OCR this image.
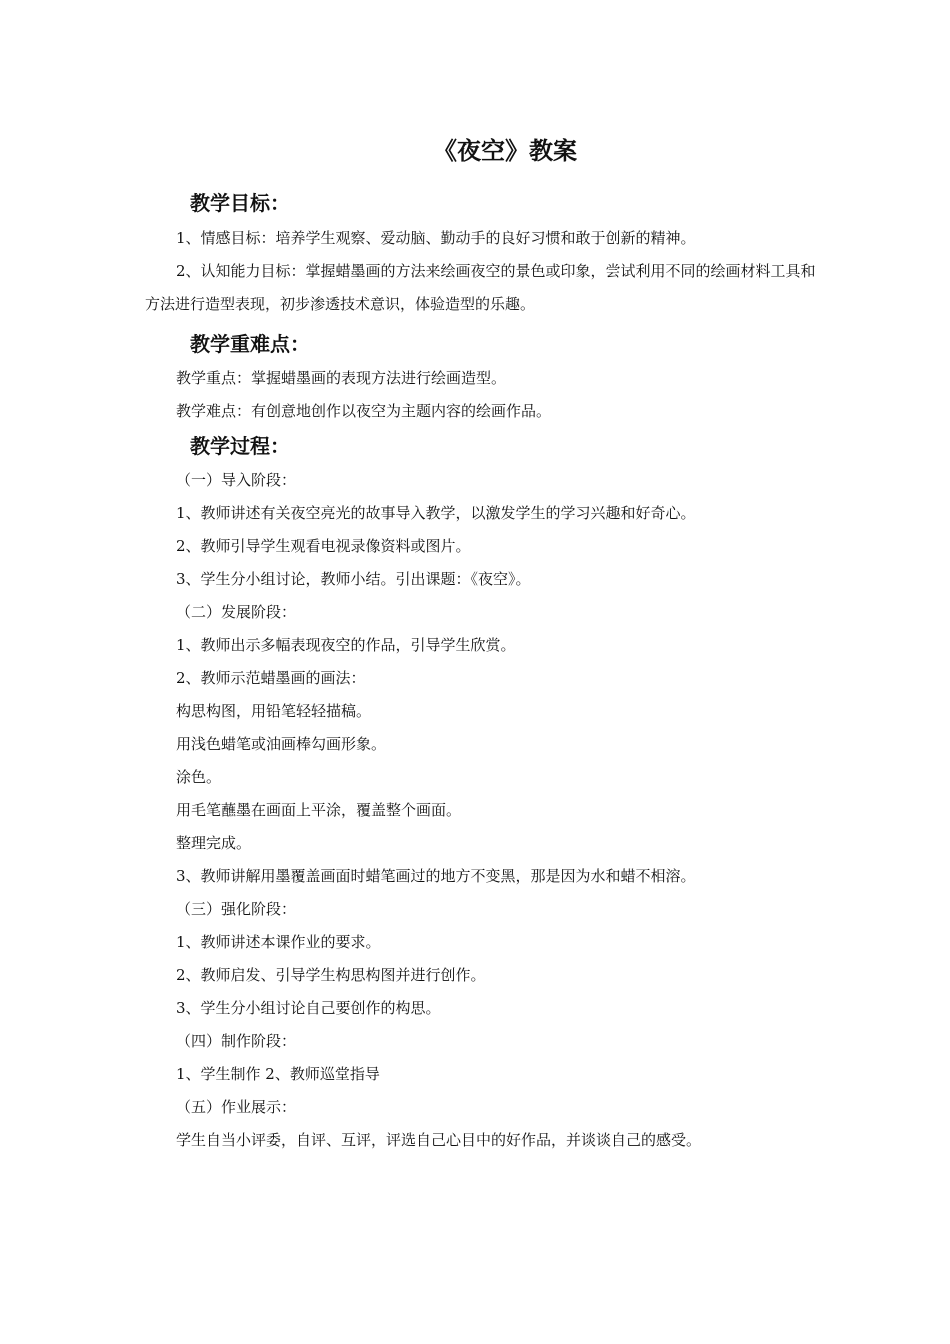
《夜空》教案
教学目标：
1、情感目标：培养学生观察、爱动脑、勤动手的良好习惯和敢于创新的精神。
2、认知能力目标：掌握蜡墨画的方法来绘画夜空的景色或印象，尝试利用不同的绘画材料工具和方法进行造型表现，初步渗透技术意识，体验造型的乐趣。
教学重难点：
教学重点：掌握蜡墨画的表现方法进行绘画造型。
教学难点：有创意地创作以夜空为主题内容的绘画作品。
教学过程：
（一）导入阶段：
1、教师讲述有关夜空亮光的故事导入教学，以激发学生的学习兴趣和好奇心。
2、教师引导学生观看电视录像资料或图片。
3、学生分小组讨论，教师小结。引出课题：《夜空》。
（二）发展阶段：
1、教师出示多幅表现夜空的作品，引导学生欣赏。
2、教师示范蜡墨画的画法：
构思构图，用铅笔轻轻描稿。
用浅色蜡笔或油画棒勾画形象。
涂色。
用毛笔蘸墨在画面上平涂，覆盖整个画面。
整理完成。
3、教师讲解用墨覆盖画面时蜡笔画过的地方不变黑，那是因为水和蜡不相溶。
（三）强化阶段：
1、教师讲述本课作业的要求。
2、教师启发、引导学生构思构图并进行创作。
3、学生分小组讨论自己要创作的构思。
（四）制作阶段：
1、学生制作 2、教师巡堂指导
（五）作业展示：
学生自当小评委，自评、互评，评选自己心目中的好作品，并谈谈自己的感受。
